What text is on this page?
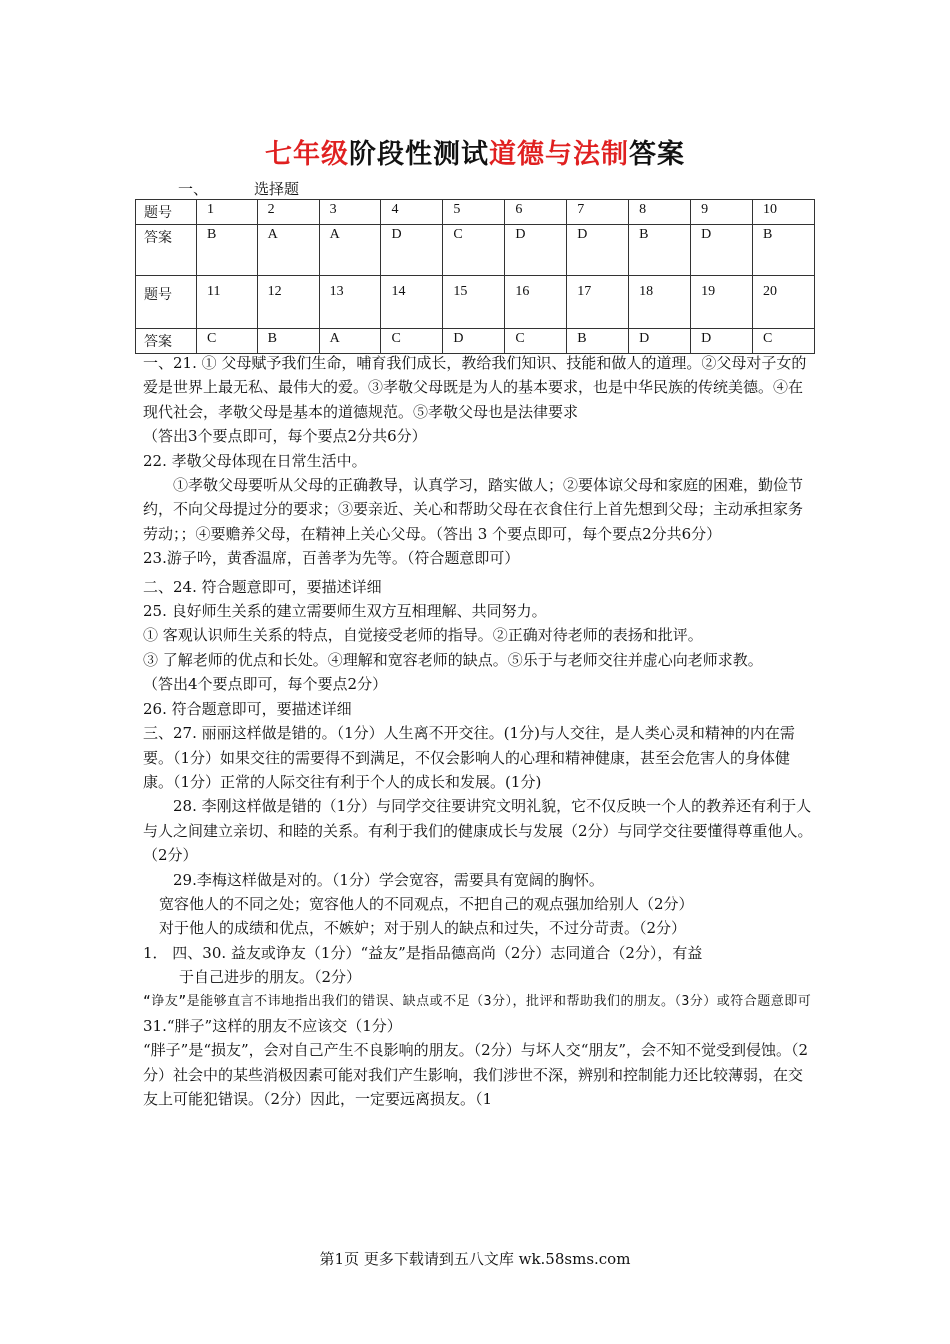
七年级阶段性测试道德与法制答案
一、	选择题
题号	1	2	3	4	5	6	7	8	9	10
答案	B	A	A	D	C	D	D	B	D	B
题号	11	12	13	14	15	16	17	18	19	20
答案	C	B	A	C	D	C	B	D	D	C

一、21. ① 父母赋予我们生命，哺育我们成长，教给我们知识、技能和做人的道理。②父母对子女的爱是世界上最无私、最伟大的爱。③孝敬父母既是为人的基本要求，也是中华民族的传统美德。④在现代社会，孝敬父母是基本的道德规范。⑤孝敬父母也是法律要求

（答出3个要点即可，每个要点2分共6分）

22. 孝敬父母体现在日常生活中。

①孝敬父母要听从父母的正确教导，认真学习，踏实做人；②要体谅父母和家庭的困难，勤俭节约，不向父母提过分的要求；③要亲近、关心和帮助父母在衣食住行上首先想到父母；主动承担家务劳动；；④要赡养父母，在精神上关心父母。（答出 3 个要点即可，每个要点2分共6分）

23.游子吟，黄香温席，百善孝为先等。（符合题意即可）

二、24. 符合题意即可，要描述详细

25. 良好师生关系的建立需要师生双方互相理解、共同努力。

① 客观认识师生关系的特点，自觉接受老师的指导。②正确对待老师的表扬和批评。

③ 了解老师的优点和长处。④理解和宽容老师的缺点。⑤乐于与老师交往并虚心向老师求教。

（答出4个要点即可，每个要点2分）

26. 符合题意即可，要描述详细

三、27. 丽丽这样做是错的。（1分）人生离不开交往。(1分)与人交往，是人类心灵和精神的内在需要。（1分）如果交往的需要得不到满足，不仅会影响人的心理和精神健康，甚至会危害人的身体健康。（1分）正常的人际交往有利于个人的成长和发展。(1分)

28. 李刚这样做是错的（1分）与同学交往要讲究文明礼貌，它不仅反映一个人的教养还有利于人与人之间建立亲切、和睦的关系。有利于我们的健康成长与发展（2分）与同学交往要懂得尊重他人。（2分）

29.李梅这样做是对的。（1分）学会宽容，需要具有宽阔的胸怀。

宽容他人的不同之处；宽容他人的不同观点，不把自己的观点强加给别人（2分）

对于他人的成绩和优点，不嫉妒；对于别人的缺点和过失，不过分苛责。（2分）

1． 四、30. 益友或诤友（1分）“益友”是指品德高尚（2分）志同道合（2分），有益

于自己进步的朋友。（2分）

“诤友”是能够直言不讳地指出我们的错误、缺点或不足（3分），批评和帮助我们的朋友。（3分）或符合题意即可

31.“胖子”这样的朋友不应该交（1分）

“胖子”是“损友”，会对自己产生不良影响的朋友。（2分）与坏人交“朋友”，会不知不觉受到侵蚀。（2分）社会中的某些消极因素可能对我们产生影响，我们涉世不深，辨别和控制能力还比较薄弱，在交友上可能犯错误。（2分）因此，一定要远离损友。（1

第1页 更多下载请到五八文库 wk.58sms.com
